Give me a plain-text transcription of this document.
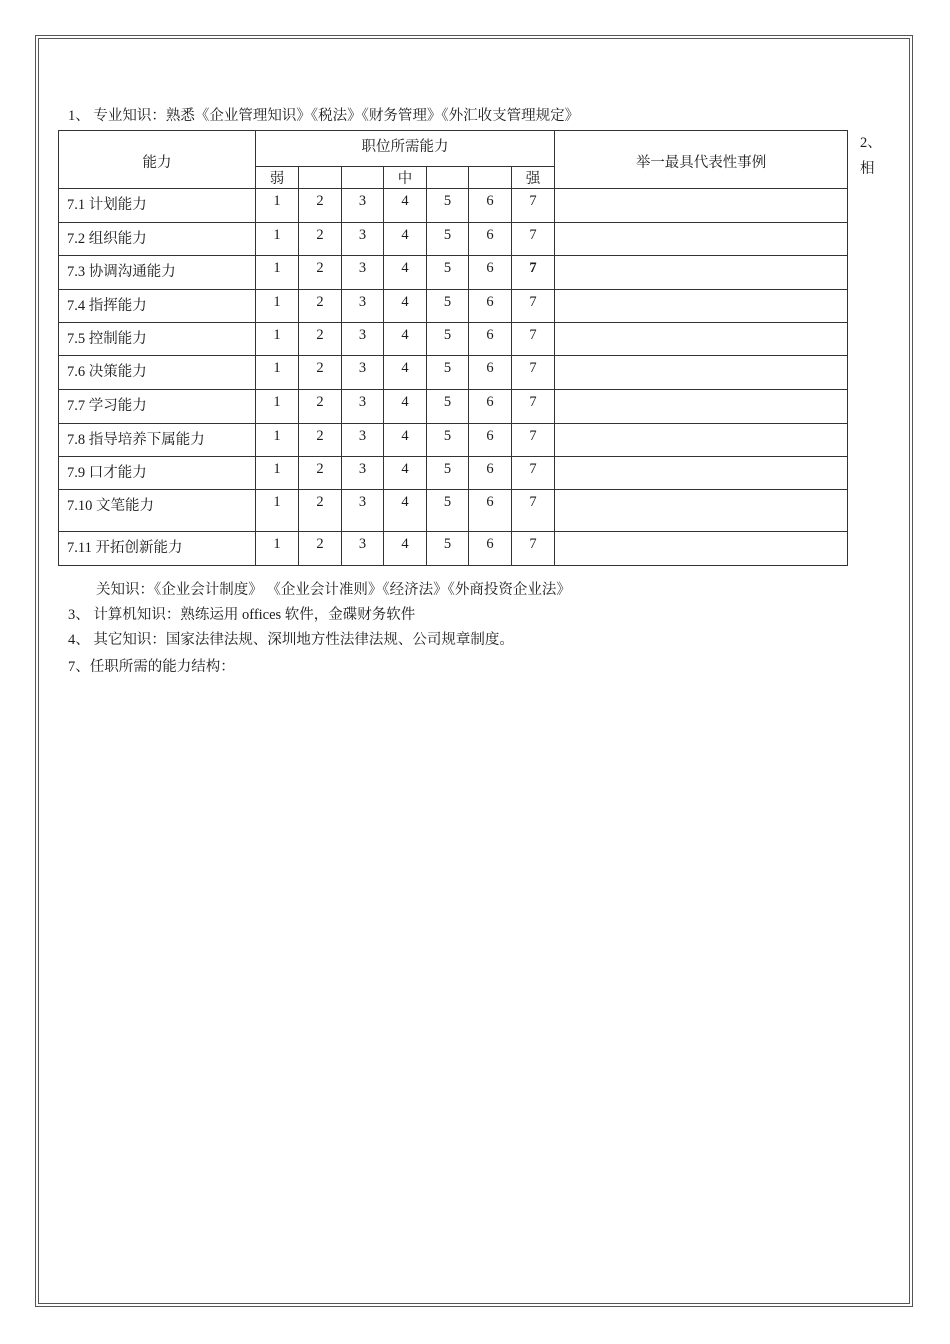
1、 专业知识：熟悉《企业管理知识》《税法》《财务管理》《外汇收支管理规定》
2、
相
能力	职位所需能力							举一最具代表性事例
	弱			中			强	
7.1 计划能力	1	2	3	4	5	6	7	
7.2 组织能力	1	2	3	4	5	6	7	
7.3 协调沟通能力	1	2	3	4	5	6	7	
7.4 指挥能力	1	2	3	4	5	6	7	
7.5 控制能力	1	2	3	4	5	6	7	
7.6 决策能力	1	2	3	4	5	6	7	
7.7 学习能力	1	2	3	4	5	6	7	
7.8 指导培养下属能力	1	2	3	4	5	6	7	
7.9 口才能力	1	2	3	4	5	6	7	
7.10 文笔能力	1	2	3	4	5	6	7	
7.11 开拓创新能力	1	2	3	4	5	6	7	
关知识：《企业会计制度》 《企业会计准则》《经济法》《外商投资企业法》
3、 计算机知识：熟练运用 offices 软件，金碟财务软件
4、 其它知识：国家法律法规、深圳地方性法律法规、公司规章制度。
7、任职所需的能力结构：
